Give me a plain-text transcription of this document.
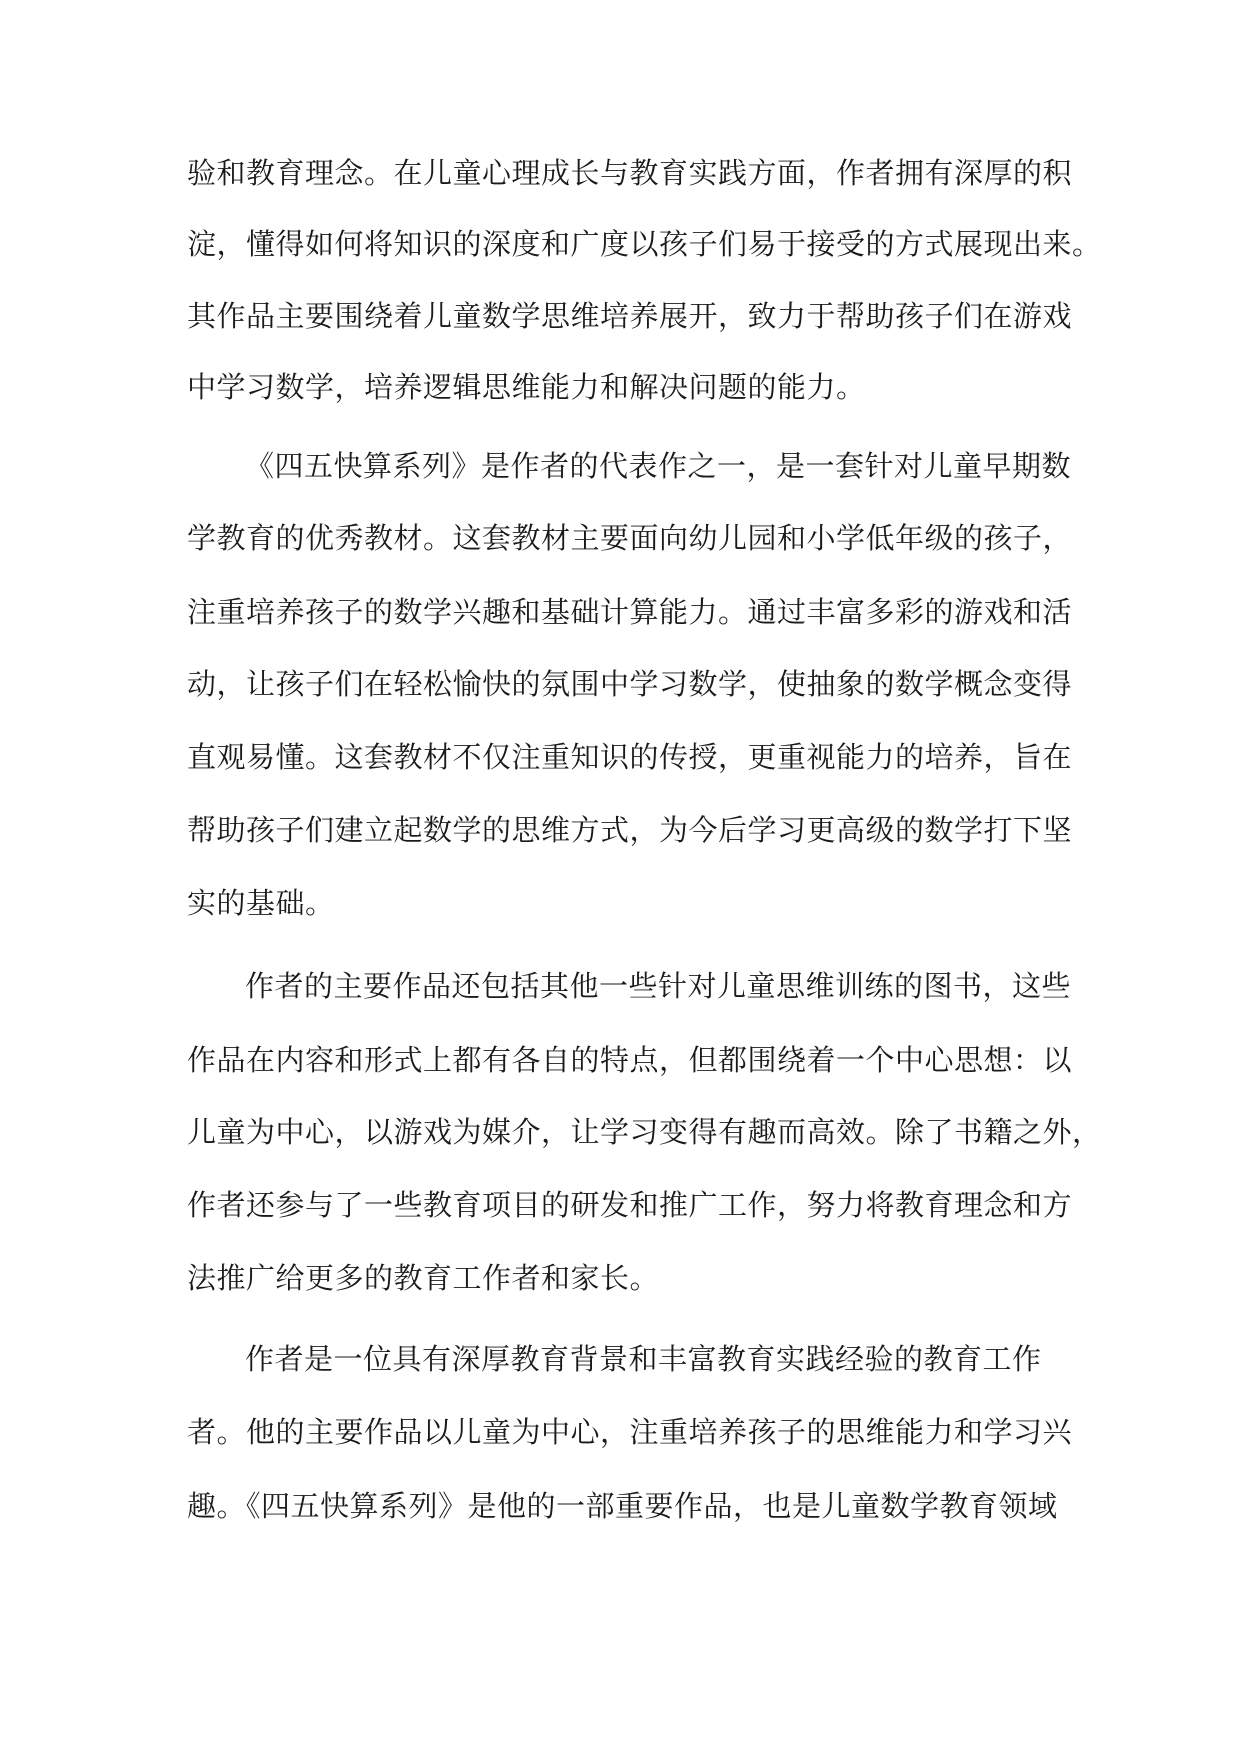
验和教育理念。在儿童心理成长与教育实践方面，作者拥有深厚的积
淀，懂得如何将知识的深度和广度以孩子们易于接受的方式展现出来。
其作品主要围绕着儿童数学思维培养展开，致力于帮助孩子们在游戏
中学习数学，培养逻辑思维能力和解决问题的能力。
《四五快算系列》是作者的代表作之一，是一套针对儿童早期数
学教育的优秀教材。这套教材主要面向幼儿园和小学低年级的孩子，
注重培养孩子的数学兴趣和基础计算能力。通过丰富多彩的游戏和活
动，让孩子们在轻松愉快的氛围中学习数学，使抽象的数学概念变得
直观易懂。这套教材不仅注重知识的传授，更重视能力的培养，旨在
帮助孩子们建立起数学的思维方式，为今后学习更高级的数学打下坚
实的基础。
作者的主要作品还包括其他一些针对儿童思维训练的图书，这些
作品在内容和形式上都有各自的特点，但都围绕着一个中心思想：以
儿童为中心，以游戏为媒介，让学习变得有趣而高效。除了书籍之外，
作者还参与了一些教育项目的研发和推广工作，努力将教育理念和方
法推广给更多的教育工作者和家长。
作者是一位具有深厚教育背景和丰富教育实践经验的教育工作
者。他的主要作品以儿童为中心，注重培养孩子的思维能力和学习兴
趣。《四五快算系列》是他的一部重要作品，也是儿童数学教育领域
